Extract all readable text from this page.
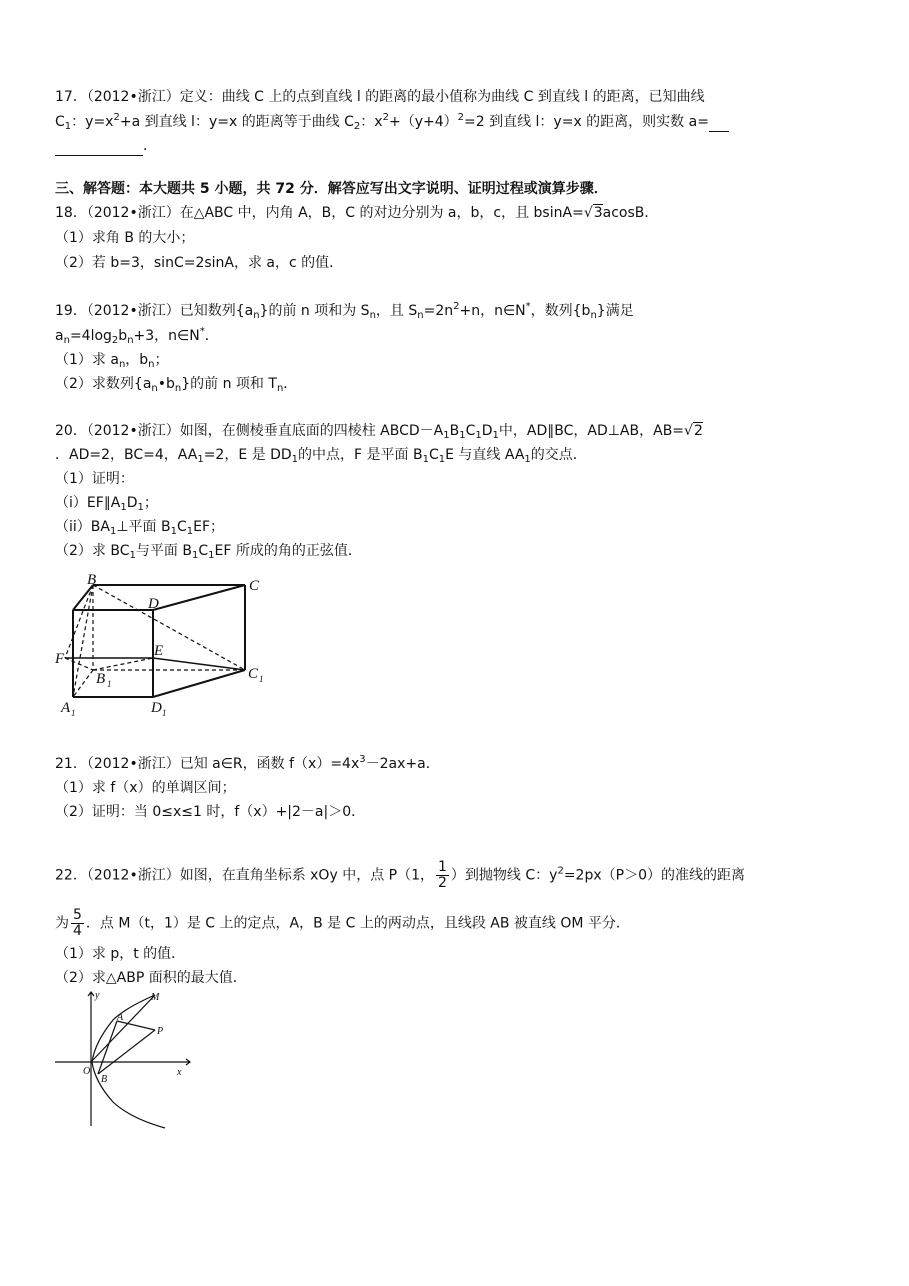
17．（2012•浙江）定义：曲线 C 上的点到直线 l 的距离的最小值称为曲线 C 到直线 l 的距离，已知曲线
$C_1$：$y=x^2+a$ 到直线 l：y=x 的距离等于曲线 $C_2$：$x^2+(y+4)^2=2$ 到直线 l：y=x 的距离，则实数 a=
．
三、解答题：本大题共 5 小题，共 72 分．解答应写出文字说明、证明过程或演算步骤．
18．（2012•浙江）在△ABC 中，内角 A，B，C 的对边分别为 a，b，c，且 bsinA=√3acosB．
（1）求角 B 的大小；
（2）若 b=3，sinC=2sinA，求 a，c 的值．
19．（2012•浙江）已知数列$\{a_n\}$的前 n 项和为 $S_n$，且 $S_n=2n^2+n$，n∈N*，数列$\{b_n\}$满足
$a_n=4\log_2b_n+3$，n∈N*．
（1）求 $a_n$，$b_n$；
（2）求数列$\{a_n•b_n\}$的前 n 项和 $T_n$．
20．（2012•浙江）如图，在侧棱垂直底面的四棱柱 $ABCD-A_1B_1C_1D_1$中，AD∥BC，AD⊥AB，AB=√2
．AD=2，BC=4，$AA_1=2$，E 是 $DD_1$的中点，F 是平面 $B_1C_1E$ 与直线 $AA_1$的交点．
（1）证明：
$(i)EF\parallel A_1D_1$；
$(ii)BA_1\perp$平面 $B_1C_1EF$；
（2）求 $BC_1$与平面 $B_1C_1EF$ 所成的角的正弦值．
B	C
D
E
F
B 1
C 1
A 1	D 1
21．（2012•浙江）已知 a∈R，函数 $f(x)=4x^3-2ax+a$．
（1）求 f（x）的单调区间；
（2）证明：当 0≤x≤1 时，f（x）+|2－a|＞0．
22．（2012•浙江）如图，在直角坐标系 xOy 中，点 P（1， $\frac{1}{2}$ ）到抛物线 C：$y^2=2px(P>0)$的准线的距离
为 $\frac{5}{4}$ ．点 M（t，1）是 C 上的定点，A，B 是 C 上的两动点，且线段 AB 被直线 OM 平分．
（1）求 p，t 的值．
（2）求△ABP 面积的最大值．
y	M
A
P
O
B
x
